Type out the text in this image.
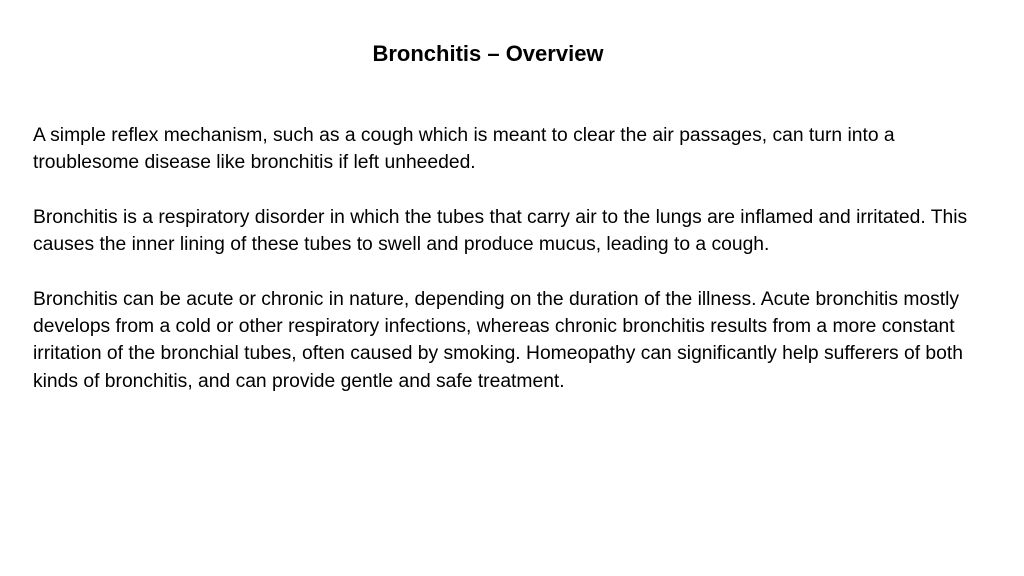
Bronchitis – Overview

A simple reflex mechanism, such as a cough which is meant to clear the air passages, can turn into a troublesome disease like bronchitis if left unheeded.

Bronchitis is a respiratory disorder in which the tubes that carry air to the lungs are inflamed and irritated. This causes the inner lining of these tubes to swell and produce mucus, leading to a cough.

Bronchitis can be acute or chronic in nature, depending on the duration of the illness. Acute bronchitis mostly develops from a cold or other respiratory infections, whereas chronic bronchitis results from a more constant irritation of the bronchial tubes, often caused by smoking. Homeopathy can significantly help sufferers of both kinds of bronchitis, and can provide gentle and safe treatment.
